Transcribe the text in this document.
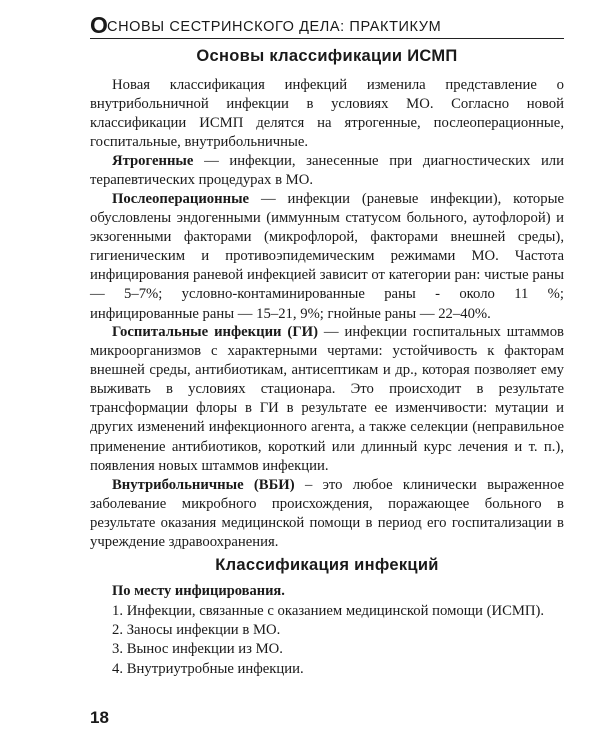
О СНОВЫ СЕСТРИНСКОГО ДЕЛА: ПРАКТИКУМ
Основы классификации ИСМП
Новая классификация инфекций изменила представление о внутрибольничной инфекции в условиях МО. Согласно новой классификации ИСМП делятся на ятрогенные, послеоперационные, госпитальные, внутрибольничные.
Ятрогенные — инфекции, занесенные при диагностических или терапевтических процедурах в МО.
Послеоперационные — инфекции (раневые инфекции), которые обусловлены эндогенными (иммунным статусом больного, аутофлорой) и экзогенными факторами (микрофлорой, факторами внешней среды), гигиеническим и противоэпидемическим режимами МО. Частота инфицирования раневой инфекцией зависит от категории ран: чистые раны — 5–7%; условно-контаминированные раны - около 11 %; инфицированные раны — 15–21, 9%; гнойные раны — 22–40%.
Госпитальные инфекции (ГИ) — инфекции госпитальных штаммов микроорганизмов с характерными чертами: устойчивость к факторам внешней среды, антибиотикам, антисептикам и др., которая позволяет ему выживать в условиях стационара. Это происходит в результате трансформации флоры в ГИ в результате ее изменчивости: мутации и других изменений инфекционного агента, а также селекции (неправильное применение антибиотиков, короткий или длинный курс лечения и т. п.), появления новых штаммов инфекции.
Внутрибольничные (ВБИ) – это любое клинически выраженное заболевание микробного происхождения, поражающее больного в результате оказания медицинской помощи в период его госпитализации в учреждение здравоохранения.
Классификация инфекций
По месту инфицирования.
1. Инфекции, связанные с оказанием медицинской помощи (ИСМП).
2. Заносы инфекции в МО.
3. Вынос инфекции из МО.
4. Внутриутробные инфекции.
18
